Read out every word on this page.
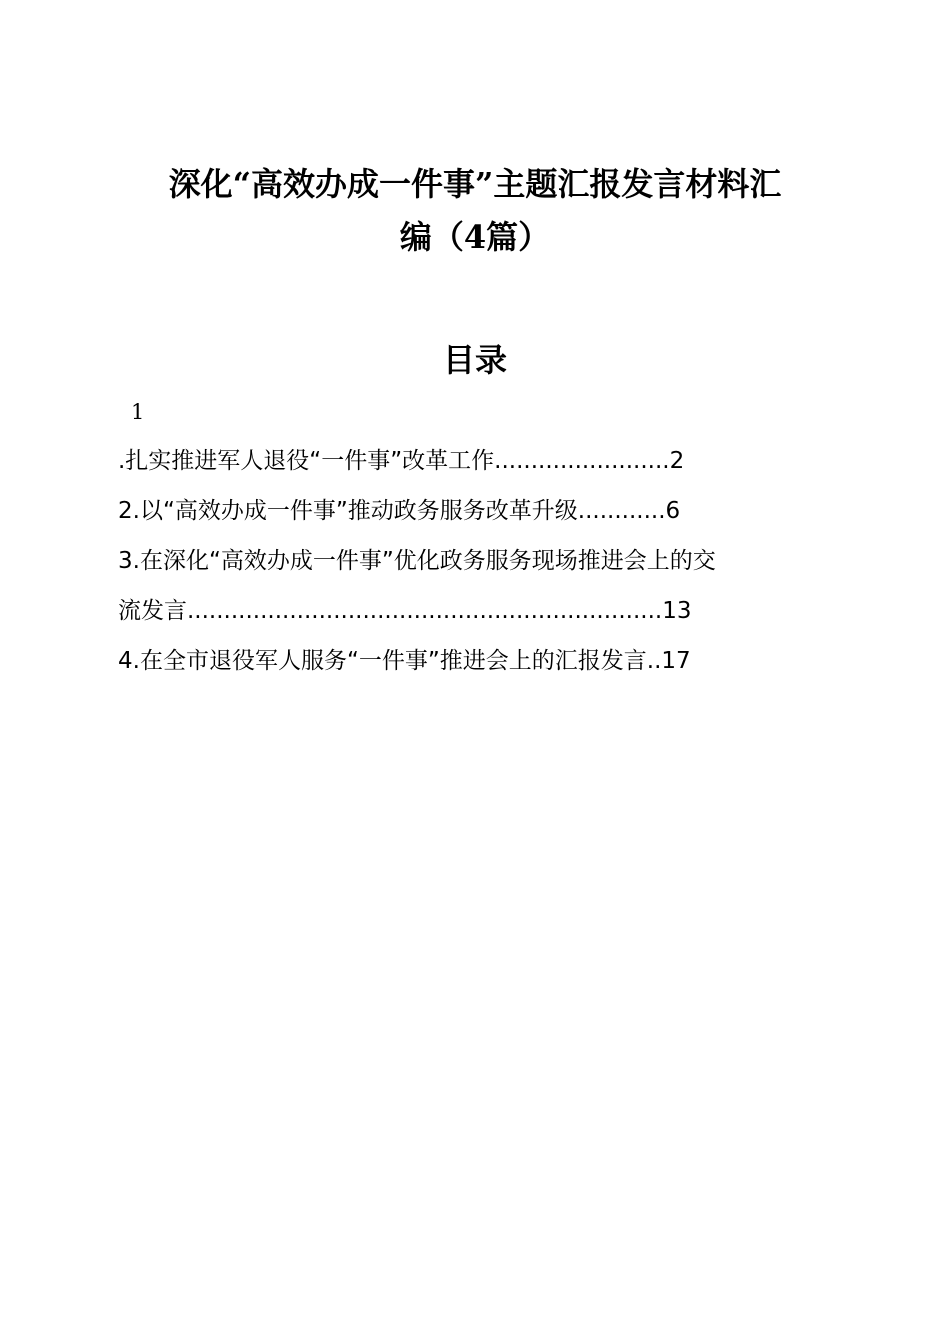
深化“高效办成一件事”主题汇报发言材料汇
编（4篇）
目录
1
.扎实推进军人退役“一件事”改革工作........................2
2.以“高效办成一件事”推动政务服务改革升级............6
3.在深化“高效办成一件事”优化政务服务现场推进会上的交
流发言.................................................................13
4.在全市退役军人服务“一件事”推进会上的汇报发言..17
